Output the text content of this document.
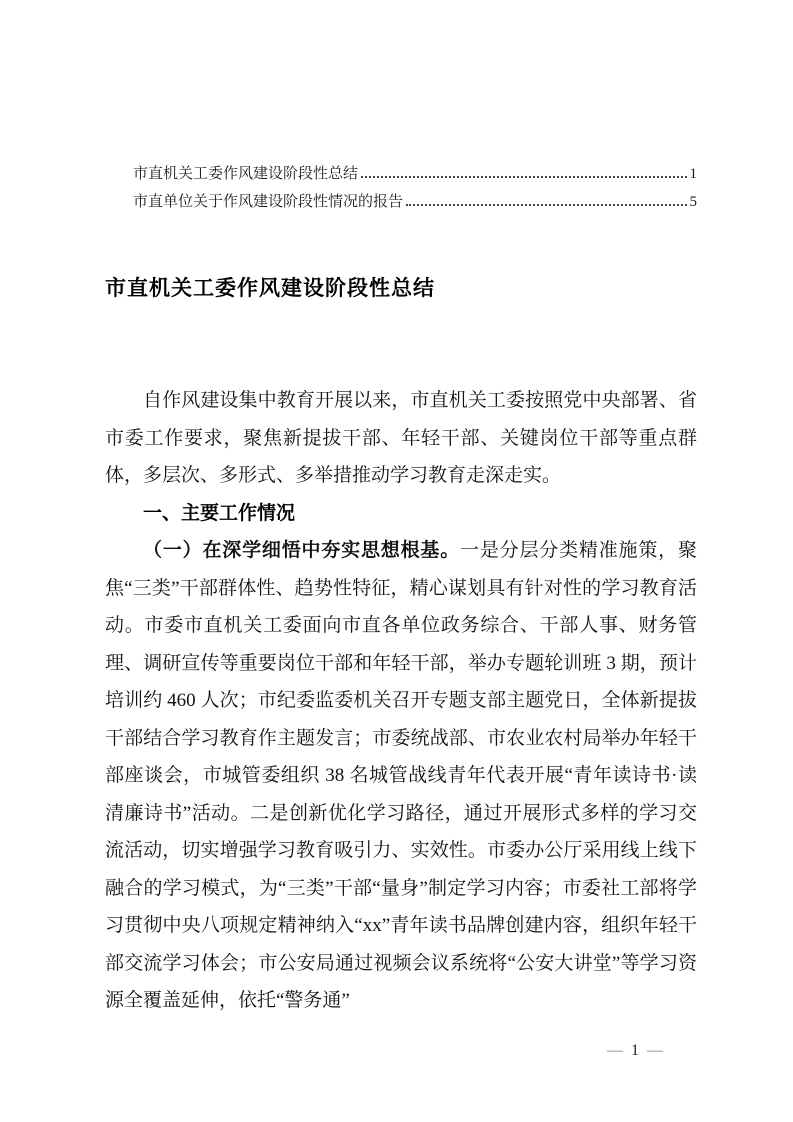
市直机关工委作风建设阶段性总结	1
市直单位关于作风建设阶段性情况的报告	5
市直机关工委作风建设阶段性总结

自作风建设集中教育开展以来，市直机关工委按照党中央部署、省市委工作要求，聚焦新提拔干部、年轻干部、关键岗位干部等重点群体，多层次、多形式、多举措推动学习教育走深走实。

一、主要工作情况

（一）在深学细悟中夯实思想根基。一是分层分类精准施策，聚焦“三类”干部群体性、趋势性特征，精心谋划具有针对性的学习教育活动。市委市直机关工委面向市直各单位政务综合、干部人事、财务管理、调研宣传等重要岗位干部和年轻干部，举办专题轮训班 3 期，预计培训约 460 人次；市纪委监委机关召开专题支部主题党日，全体新提拔干部结合学习教育作主题发言；市委统战部、市农业农村局举办年轻干部座谈会，市城管委组织 38 名城管战线青年代表开展“青年读诗书·读清廉诗书”活动。二是创新优化学习路径，通过开展形式多样的学习交流活动，切实增强学习教育吸引力、实效性。市委办公厅采用线上线下融合的学习模式，为“三类”干部“量身”制定学习内容；市委社工部将学习贯彻中央八项规定精神纳入“xx”青年读书品牌创建内容，组织年轻干部交流学习体会；市公安局通过视频会议系统将“公安大讲堂”等学习资源全覆盖延伸，依托“警务通”

— 1 —
